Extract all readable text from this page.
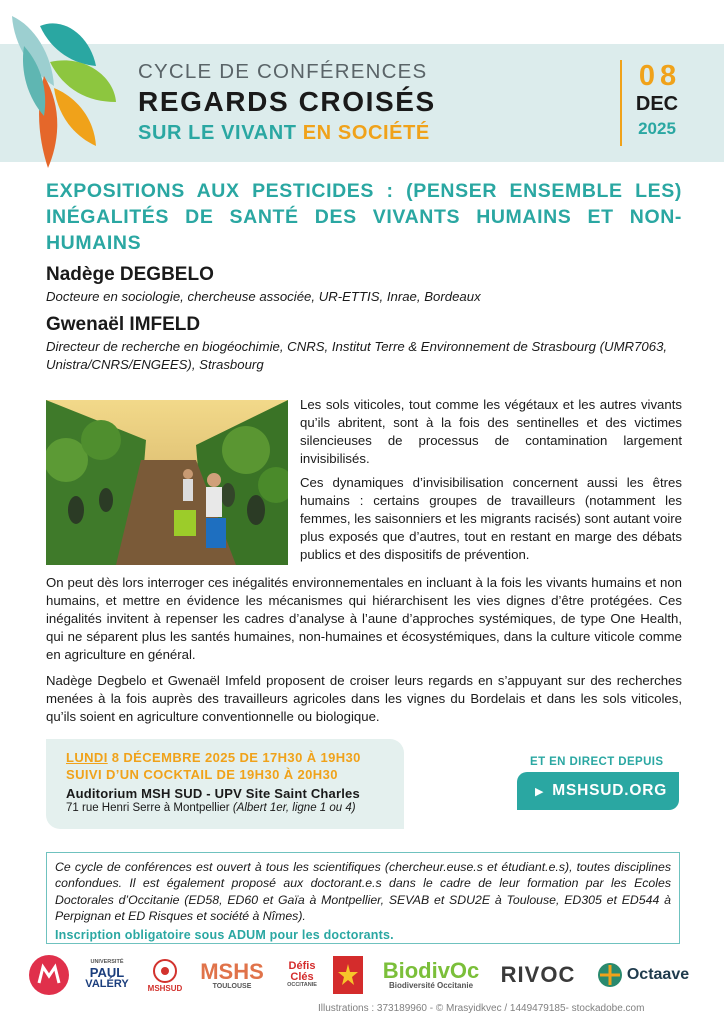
CYCLE DE CONFÉRENCES
REGARDS CROISÉS
SUR LE VIVANT EN SOCIÉTÉ
08
DEC
2025
EXPOSITIONS AUX PESTICIDES : (PENSER ENSEMBLE LES) INÉGALITÉS DE SANTÉ DES VIVANTS HUMAINS ET NON-HUMAINS
Nadège DEGBELO
Docteure en sociologie, chercheuse associée, UR-ETTIS, Inrae, Bordeaux
Gwenaël IMFELD
Directeur de recherche en biogéochimie, CNRS, Institut Terre & Environnement de Strasbourg (UMR7063, Unistra/CNRS/ENGEES), Strasbourg
Les sols viticoles, tout comme les végétaux et les autres vivants qu’ils abritent, sont à la fois des sentinelles et des victimes silencieuses de processus de contamination largement invisibilisés.
Ces dynamiques d’invisibilisation concernent aussi les êtres humains : certains groupes de travailleurs (notamment les femmes, les saisonniers et les migrants racisés) sont autant voire plus exposés que d’autres, tout en restant en marge des débats publics et des dispositifs de prévention.
On peut dès lors interroger ces inégalités environnementales en incluant à la fois les vivants humains et non humains, et mettre en évidence les mécanismes qui hiérarchisent les vies dignes d’être protégées. Ces inégalités invitent à repenser les cadres d’analyse à l’aune d’approches systémiques, de type One Health, qui ne séparent plus les santés humaines, non-humaines et écosystémiques, dans la culture viticole comme en agriculture en général.
Nadège Degbelo et Gwenaël Imfeld proposent de croiser leurs regards en s’appuyant sur des recherches menées à la fois auprès des travailleurs agricoles dans les vignes du Bordelais et dans les sols viticoles, qu’ils soient en agriculture conventionnelle ou biologique.
LUNDI 8 DÉCEMBRE 2025 DE 17H30 À 19H30
SUIVI D’UN COCKTAIL DE 19H30 À 20H30
Auditorium MSH SUD - UPV Site Saint Charles
71 rue Henri Serre à Montpellier (Albert 1er, ligne 1 ou 4)
ET EN DIRECT DEPUIS
▶ MSHSUD.ORG
Ce cycle de conférences est ouvert à tous les scientifiques (chercheur.euse.s et étudiant.e.s), toutes disciplines confondues. Il est également proposé aux doctorant.e.s dans le cadre de leur formation par les Ecoles Doctorales d’Occitanie (ED58, ED60 et Gaïa à Montpellier, SEVAB et SDU2E à Toulouse, ED305 et ED544 à Perpignan et ED Risques et société à Nîmes).
Inscription obligatoire sous ADUM pour les doctorants.
UNIVERSITÉ
PAUL
VALÉRY MSHSUD
MSHS
TOULOUSE
Défis
Clés
OCCITANIE
BiodivOc
Biodiversité Occitanie RIVOC	Octaave
Illustrations : 373189960 - © Mrasyidkvec / 1449479185- stockadobe.com
